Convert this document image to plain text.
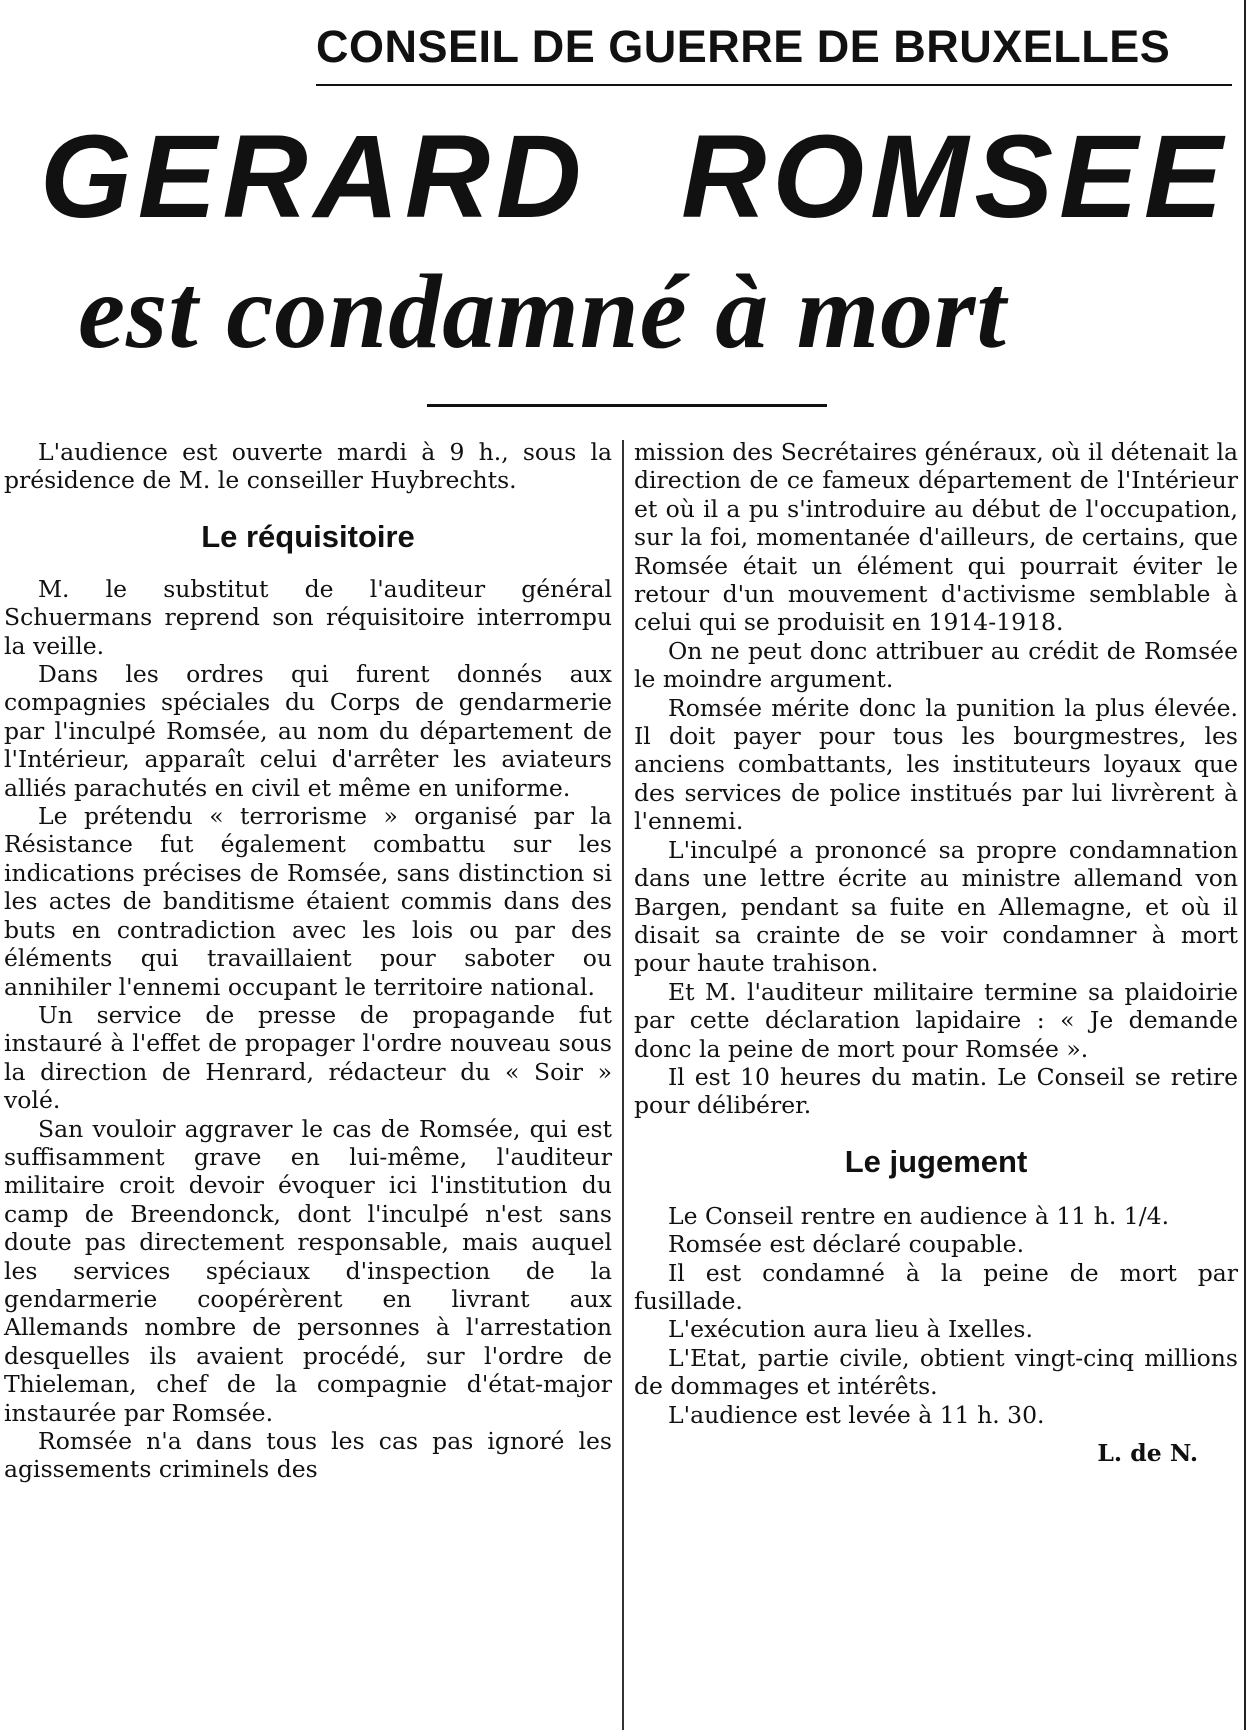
CONSEIL DE GUERRE DE BRUXELLES
GERARD ROMSEE
est condamné à mort

L'audience est ouverte mardi à 9 h., sous la présidence de M. le conseiller Huybrechts.

Le réquisitoire

M. le substitut de l'auditeur général Schuermans reprend son réquisitoire interrompu la veille.

Dans les ordres qui furent donnés aux compagnies spéciales du Corps de gendarmerie par l'inculpé Romsée, au nom du département de l'Intérieur, apparaît celui d'arrêter les aviateurs alliés parachutés en civil et même en uniforme.

Le prétendu « terrorisme » organisé par la Résistance fut également combattu sur les indications précises de Romsée, sans distinction si les actes de banditisme étaient commis dans des buts en contradiction avec les lois ou par des éléments qui travaillaient pour saboter ou annihiler l'ennemi occupant le territoire national.

Un service de presse de propagande fut instauré à l'effet de propager l'ordre nouveau sous la direction de Henrard, rédacteur du « Soir » volé.

San vouloir aggraver le cas de Romsée, qui est suffisamment grave en lui-même, l'auditeur militaire croit devoir évoquer ici l'institution du camp de Breendonck, dont l'inculpé n'est sans doute pas directement responsable, mais auquel les services spéciaux d'inspection de la gendarmerie coopérèrent en livrant aux Allemands nombre de personnes à l'arrestation desquelles ils avaient procédé, sur l'ordre de Thieleman, chef de la compagnie d'état-major instaurée par Romsée.

Romsée n'a dans tous les cas pas ignoré les agissements criminels des

mission des Secrétaires généraux, où il détenait la direction de ce fameux département de l'Intérieur et où il a pu s'introduire au début de l'occupation, sur la foi, momentanée d'ailleurs, de certains, que Romsée était un élément qui pourrait éviter le retour d'un mouvement d'activisme semblable à celui qui se produisit en 1914-1918.

On ne peut donc attribuer au crédit de Romsée le moindre argument.

Romsée mérite donc la punition la plus élevée. Il doit payer pour tous les bourgmestres, les anciens combattants, les instituteurs loyaux que des services de police institués par lui livrèrent à l'ennemi.

L'inculpé a prononcé sa propre condamnation dans une lettre écrite au ministre allemand von Bargen, pendant sa fuite en Allemagne, et où il disait sa crainte de se voir condamner à mort pour haute trahison.

Et M. l'auditeur militaire termine sa plaidoirie par cette déclaration lapidaire : « Je demande donc la peine de mort pour Romsée ».

Il est 10 heures du matin. Le Conseil se retire pour délibérer.

Le jugement

Le Conseil rentre en audience à 11 h. 1/4.

Romsée est déclaré coupable.

Il est condamné à la peine de mort par fusillade.

L'exécution aura lieu à Ixelles.

L'Etat, partie civile, obtient vingt-cinq millions de dommages et intérêts.

L'audience est levée à 11 h. 30.

L. de N.
